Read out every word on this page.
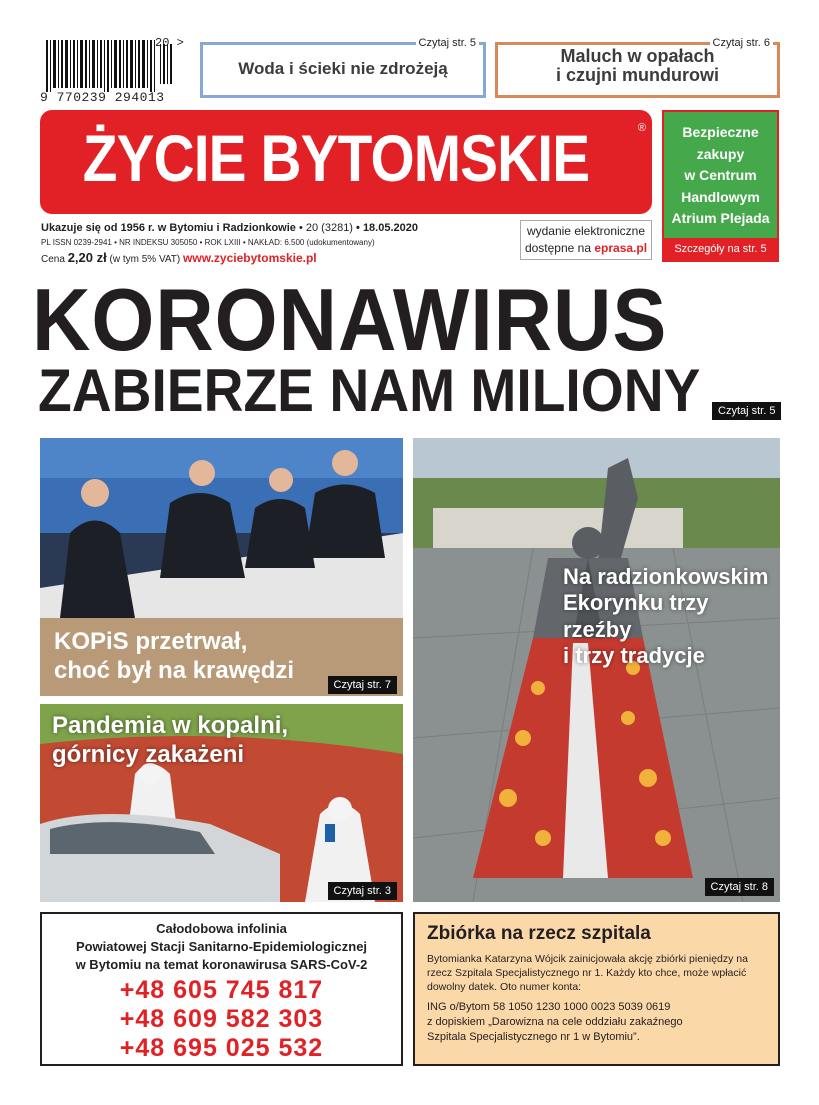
20 >
9 770239 294013
Czytaj str. 5
Woda i ścieki nie zdrożeją
Czytaj str. 6
Maluch w opałach
i czujni mundurowi
ŻYCIE BYTOMSKIE	®	Bezpieczne
zakupy
w Centrum
Handlowym
Atrium Plejada
Szczegóły na str. 5
Ukazuje się od 1956 r. w Bytomiu i Radzionkowie • 20 (3281) • 18.05.2020
PL ISSN 0239-2941 • NR INDEKSU 305050 • ROK LXIII • NAKŁAD: 6.500 (udokumentowany)
Cena 2,20 zł (w tym 5% VAT) www.zyciebytomskie.pl
wydanie elektroniczne
dostępne na eprasa.pl
KORONAWIRUS
ZABIERZE NAM MILIONY	Czytaj str. 5
KOPiS przetrwał,
choć był na krawędzi
Czytaj str. 7
Na radzionkowskim
Ekorynku trzy rzeźby
i trzy tradycje
Czytaj str. 8
Pandemia w kopalni,
górnicy zakażeni
Czytaj str. 3
Całodobowa infolinia
Powiatowej Stacji Sanitarno-Epidemiologicznej
w Bytomiu na temat koronawirusa SARS-CoV-2
+48 605 745 817
+48 609 582 303
+48 695 025 532
Zbiórka na rzecz szpitala
Bytomianka Katarzyna Wójcik zainicjowała akcję zbiórki pieniędzy na rzecz Szpitala Specjalistycznego nr 1. Każdy kto chce, może wpłacić dowolny datek. Oto numer konta:
ING o/Bytom 58 1050 1230 1000 0023 5039 0619
z dopiskiem „Darowizna na cele oddziału zakaźnego
Szpitala Specjalistycznego nr 1 w Bytomiu”.
